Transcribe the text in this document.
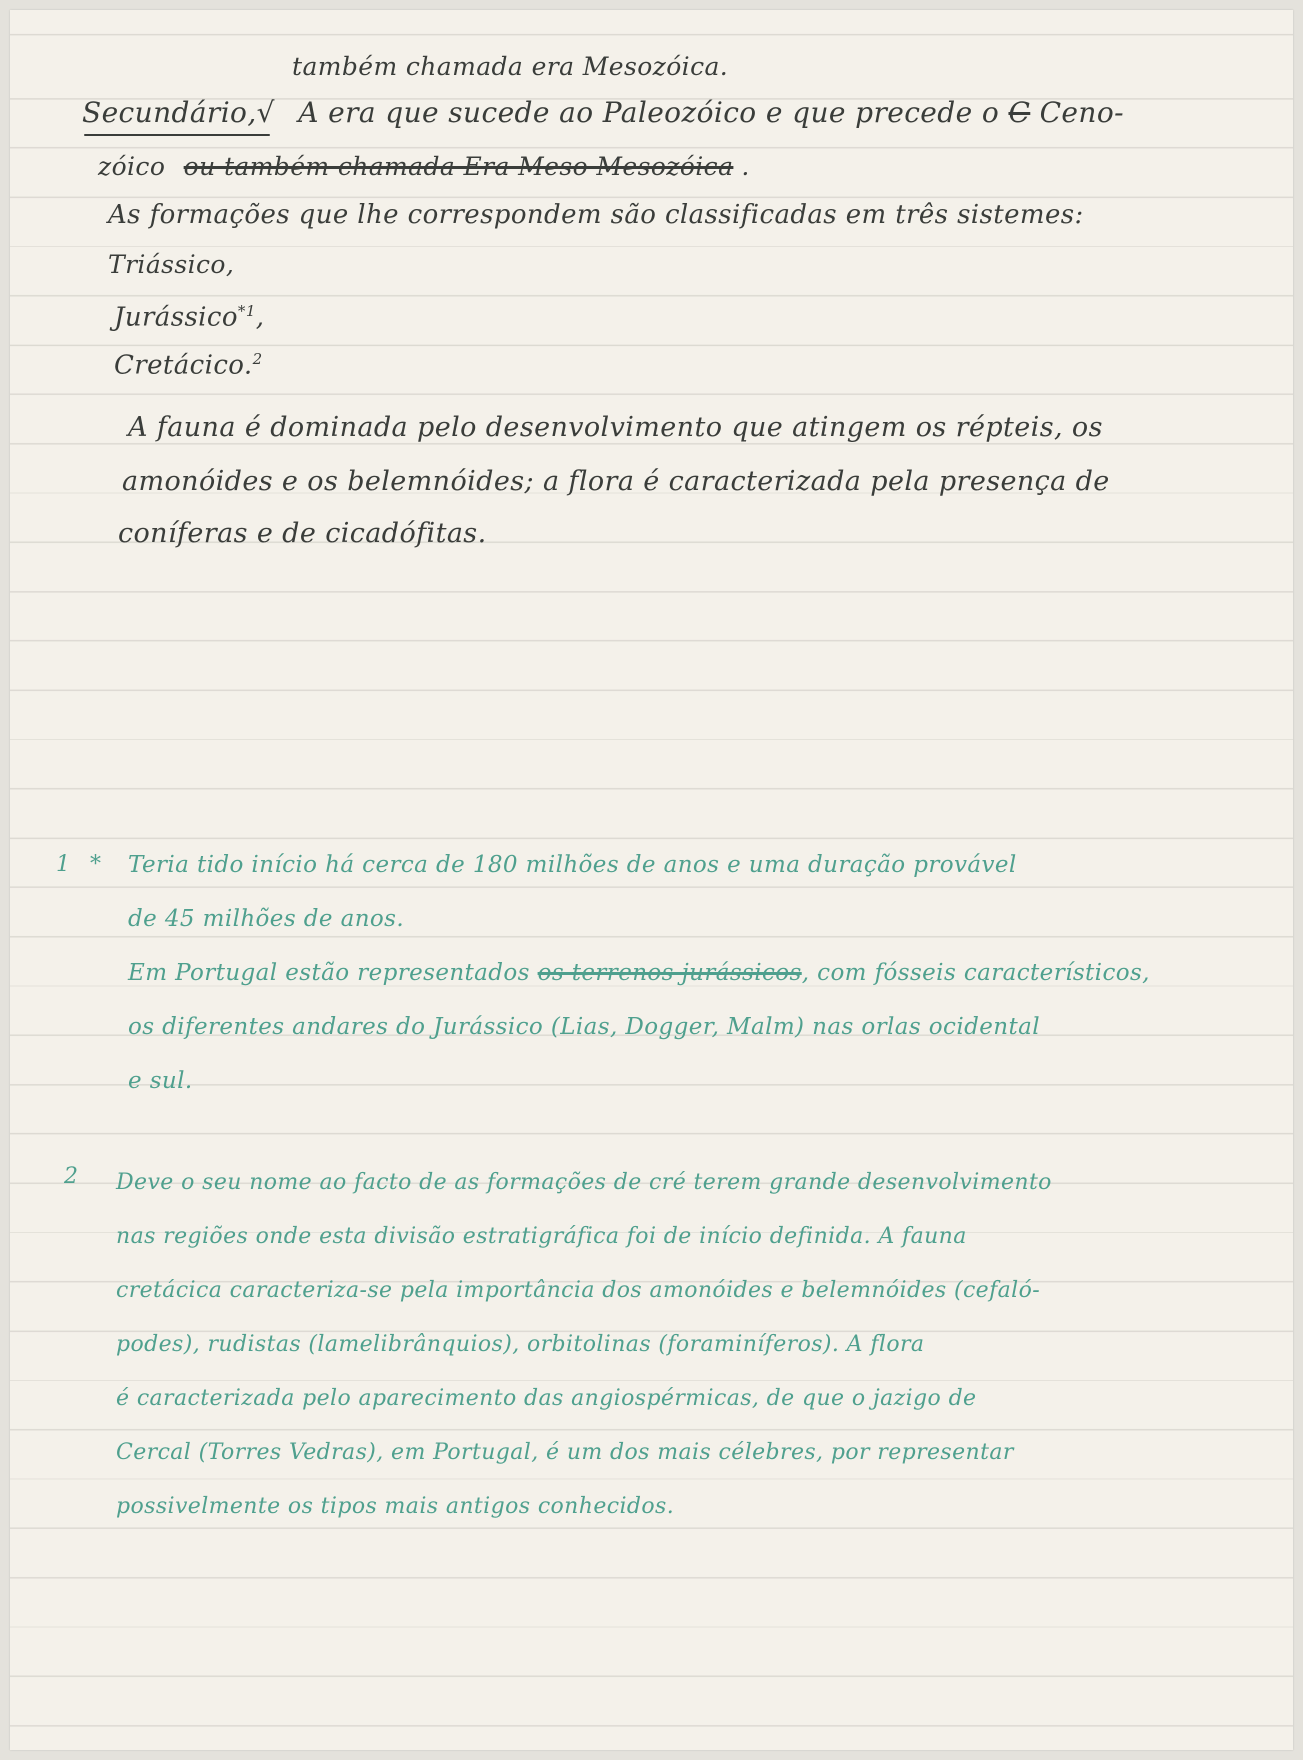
também chamada era Mesozóica.
Secundário,√ A era que sucede ao Paleozóico e que precede o C Ceno-
zóico ou também chamada Era Meso Mesozóica .
As formações que lhe correspondem são classificadas em três sistemes:
Triássico,
Jurássico$^{*1}$,
Cretácico.$^2$
A fauna é dominada pelo desenvolvimento que atingem os répteis, os
amonóides e os belemnóides; a flora é caracterizada pela presença de
coníferas e de cicadófitas.
1 * Teria tido início há cerca de 180 milhões de anos e uma duração provável
de 45 milhões de anos.
Em Portugal estão representados os terrenos jurássicos, com fósseis característicos,
os diferentes andares do Jurássico (Lias, Dogger, Malm) nas orlas ocidental
e sul.
2 Deve o seu nome ao facto de as formações de cré terem grande desenvolvimento
nas regiões onde esta divisão estratigráfica foi de início definida. A fauna
cretácica caracteriza-se pela importância dos amonóides e belemnóides (cefaló-
podes), rudistas (lamelibrânquios), orbitolinas (foraminíferos). A flora
é caracterizada pelo aparecimento das angiospérmicas, de que o jazigo de
Cercal (Torres Vedras), em Portugal, é um dos mais célebres, por representar
possivelmente os tipos mais antigos conhecidos.
